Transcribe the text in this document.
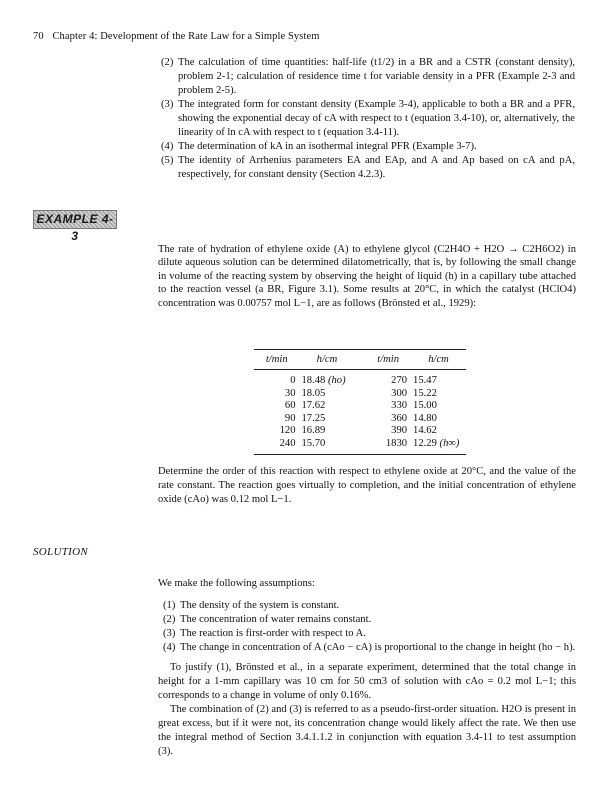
70 Chapter 4: Development of the Rate Law for a Simple System
(2) The calculation of time quantities: half-life (t1/2) in a BR and a CSTR (constant density), problem 2-1; calculation of residence time t for variable density in a PFR (Example 2-3 and problem 2-5).
(3) The integrated form for constant density (Example 3-4), applicable to both a BR and a PFR, showing the exponential decay of cA with respect to t (equation 3.4-10), or, alternatively, the linearity of ln cA with respect to t (equation 3.4-11).
(4) The determination of kA in an isothermal integral PFR (Example 3-7).
(5) The identity of Arrhenius parameters EA and EAp, and A and Ap based on cA and pA, respectively, for constant density (Section 4.2.3).
EXAMPLE 4-3
The rate of hydration of ethylene oxide (A) to ethylene glycol (C2H4O + H2O → C2H6O2) in dilute aqueous solution can be determined dilatometrically, that is, by following the small change in volume of the reacting system by observing the height of liquid (h) in a capillary tube attached to the reaction vessel (a BR, Figure 3.1). Some results at 20°C, in which the catalyst (HClO4) concentration was 0.00757 mol L−1, are as follows (Brönsted et al., 1929):
t/min	h/cm		t/min	h/cm
0	18.48 (ho)		270	15.47
30	18.05		300	15.22
60	17.62		330	15.00
90	17.25		360	14.80
120	16.89		390	14.62
240	15.70		1830	12.29 (h∞)
Determine the order of this reaction with respect to ethylene oxide at 20°C, and the value of the rate constant. The reaction goes virtually to completion, and the initial concentration of ethylene oxide (cAo) was 0.12 mol L−1.
SOLUTION
We make the following assumptions:
(1) The density of the system is constant.
(2) The concentration of water remains constant.
(3) The reaction is first-order with respect to A.
(4) The change in concentration of A (cAo − cA) is proportional to the change in height (ho − h).

To justify (1), Brönsted et al., in a separate experiment, determined that the total change in height for a 1-mm capillary was 10 cm for 50 cm3 of solution with cAo = 0.2 mol L−1; this corresponds to a change in volume of only 0.16%.

The combination of (2) and (3) is referred to as a pseudo-first-order situation. H2O is present in great excess, but if it were not, its concentration change would likely affect the rate. We then use the integral method of Section 3.4.1.1.2 in conjunction with equation 3.4-11 to test assumption (3).
